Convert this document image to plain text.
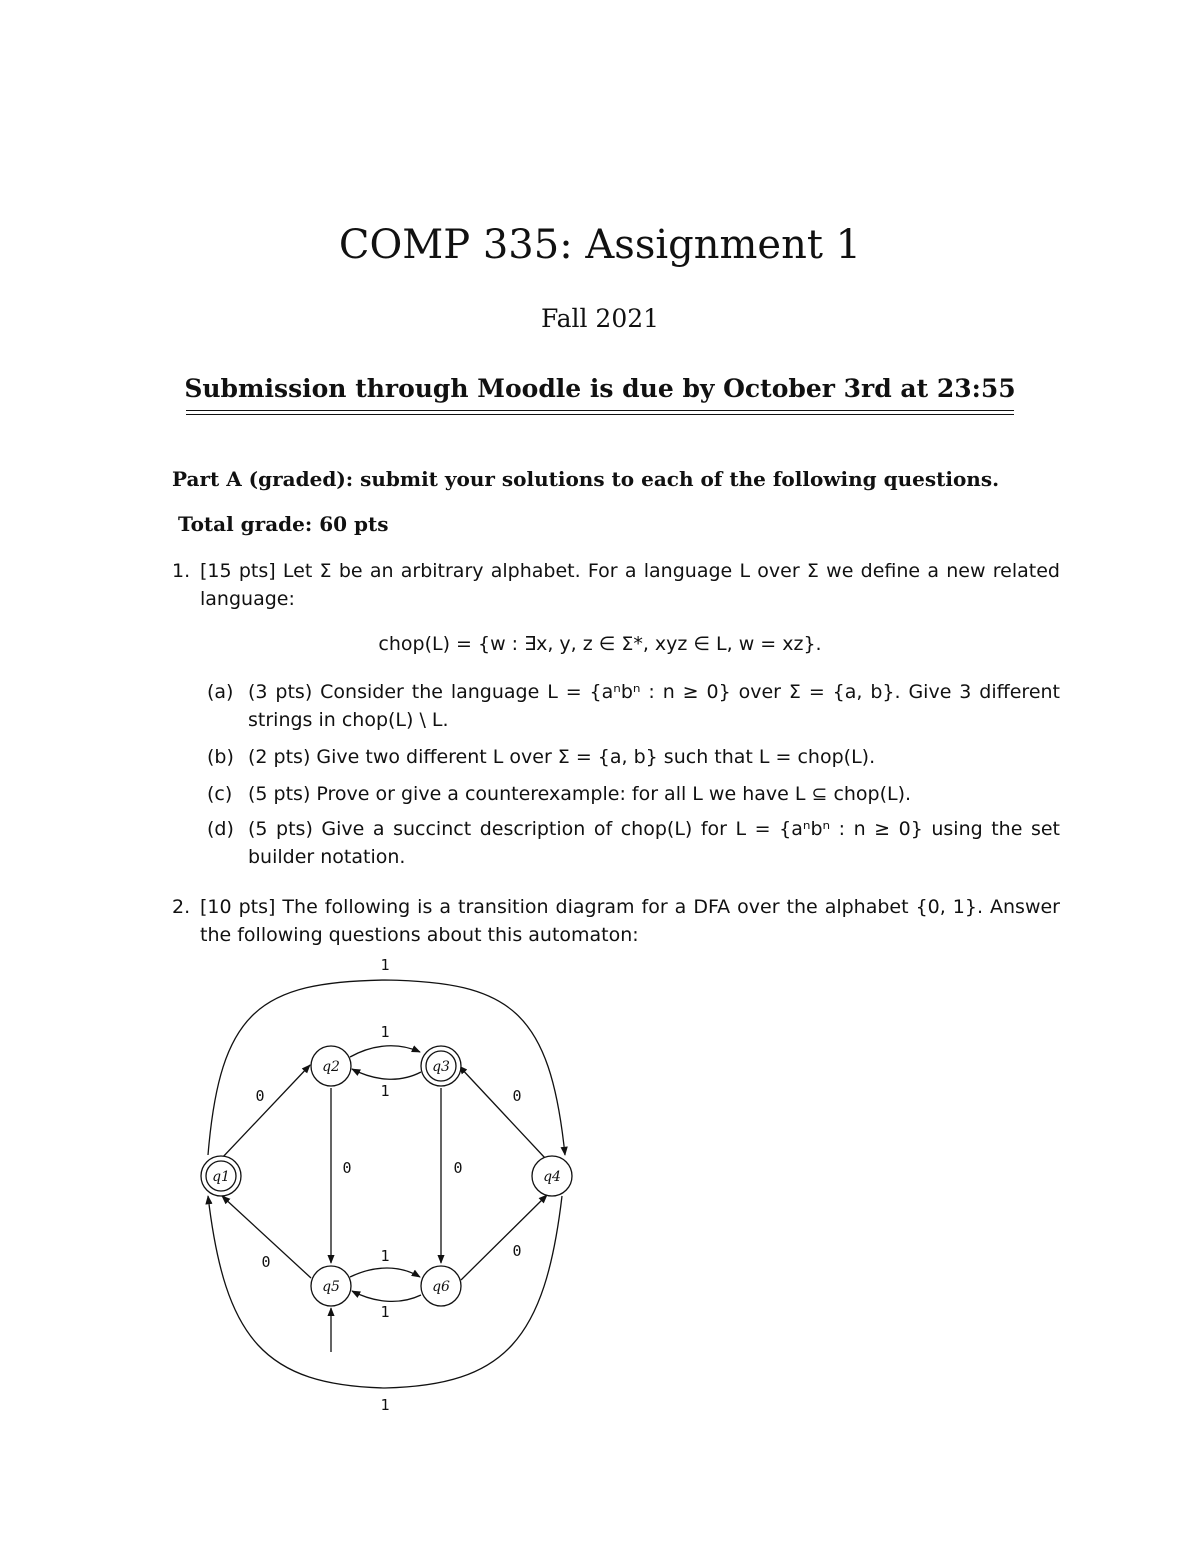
COMP 335: Assignment 1
Fall 2021
Submission through Moodle is due by October 3rd at 23:55
Part A (graded): submit your solutions to each of the following questions.
Total grade: 60 pts
1. [15 pts] Let Σ be an arbitrary alphabet. For a language L over Σ we define a new related language:
chop(L) = {w : ∃x, y, z ∈ Σ*, xyz ∈ L, w = xz}.
(a) (3 pts) Consider the language L = {aⁿbⁿ : n ≥ 0} over Σ = {a, b}. Give 3 different strings in chop(L) \ L.
(b) (2 pts) Give two different L over Σ = {a, b} such that L = chop(L).
(c) (5 pts) Prove or give a counterexample: for all L we have L ⊆ chop(L).
(d) (5 pts) Give a succinct description of chop(L) for L = {aⁿbⁿ : n ≥ 0} using the set builder notation.
2. [10 pts] The following is a transition diagram for a DFA over the alphabet {0, 1}. Answer the following questions about this automaton:
q1
q2	q3
q4
q5	q6
0
1
1
1
0	0
0
1
0	1
1
0
